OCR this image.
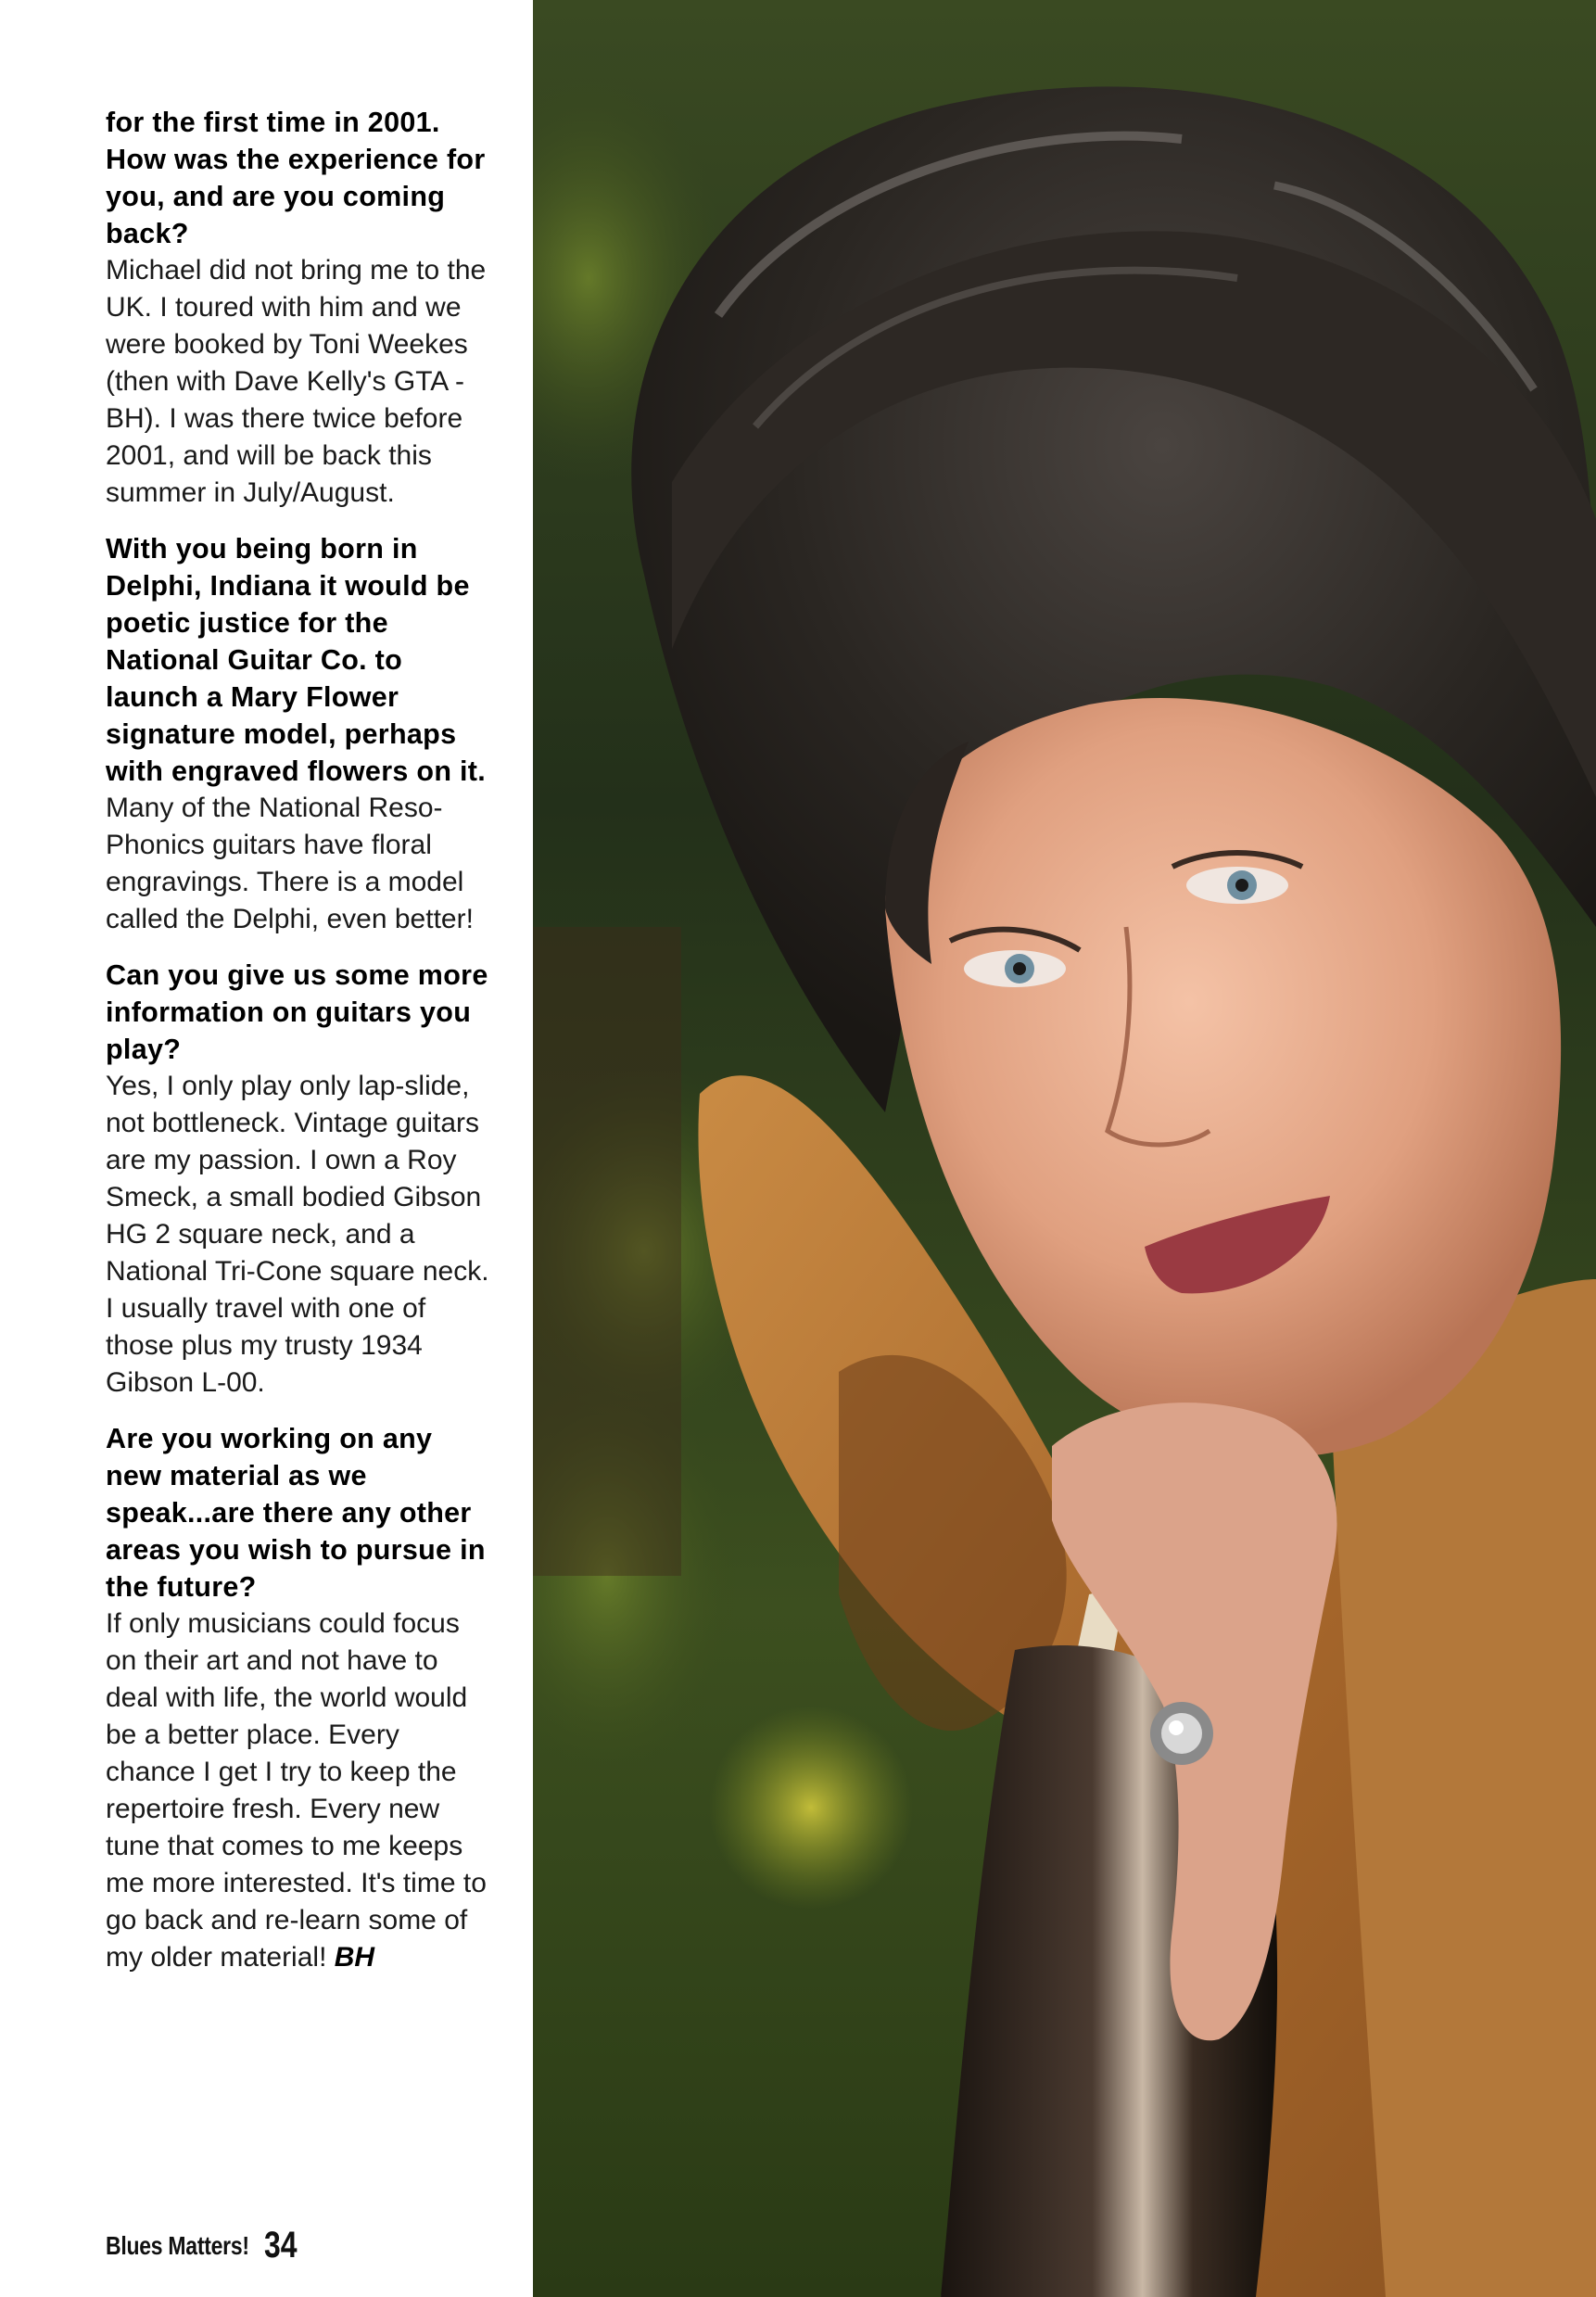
for the first time in 2001. How was the experience for you, and are you coming back?
Michael did not bring me to the UK. I toured with him and we were booked by Toni Weekes (then with Dave Kelly's GTA - BH). I was there twice before 2001, and will be back this summer in July/August.
With you being born in Delphi, Indiana it would be poetic justice for the National Guitar Co. to launch a Mary Flower signature model, perhaps with engraved flowers on it.
Many of the National Reso-Phonics guitars have floral engravings. There is a model called the Delphi, even better!
Can you give us some more information on guitars you play?
Yes, I only play only lap-slide, not bottleneck. Vintage guitars are my passion. I own a Roy Smeck, a small bodied Gibson HG 2 square neck, and a National Tri-Cone square neck. I usually travel with one of those plus my trusty 1934 Gibson L-00.
Are you working on any new material as we speak...are there any other areas you wish to pursue in the future?
If only musicians could focus on their art and not have to deal with life, the world would be a better place. Every chance I get I try to keep the repertoire fresh. Every new tune that comes to me keeps me more interested. It's time to go back and re-learn some of my older material! BH
Blues Matters! 34
